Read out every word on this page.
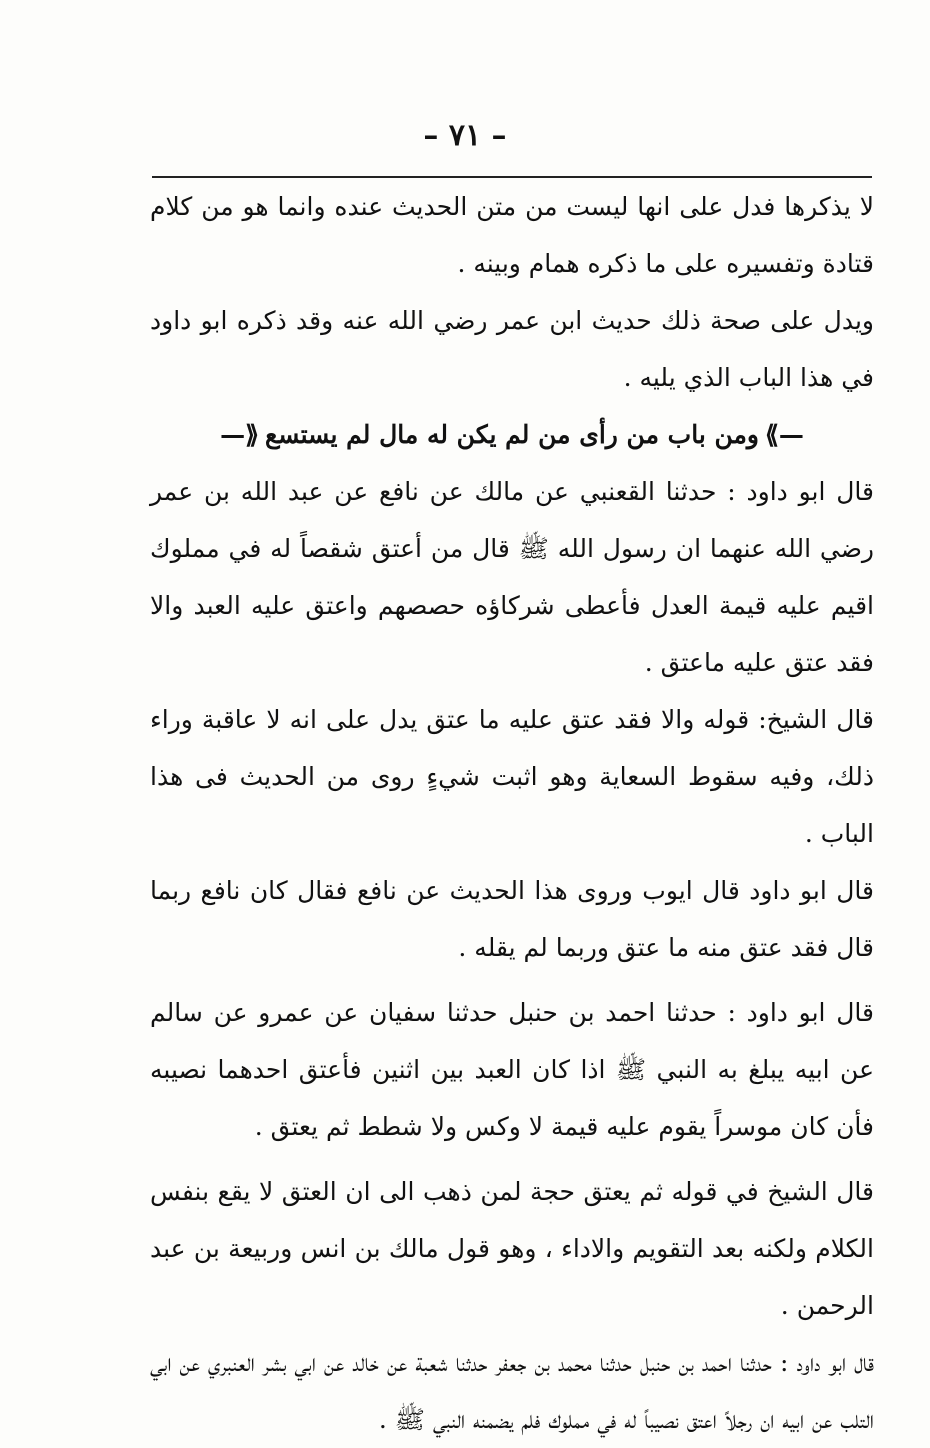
– ٧١ –

لا يذكرها فدل على انها ليست من متن الحديث عنده وانما هو من كلام قتادة وتفسيره على ما ذكره همام وبينه .

ويدل على صحة ذلك حديث ابن عمر رضي الله عنه وقد ذكره ابو داود في هذا الباب الذي يليه .

—⟫ومن باب من رأى من لم يكن له مال لم يستسع⟪—

قال ابو داود : حدثنا القعنبي عن مالك عن نافع عن عبد الله بن عمر رضي الله عنهما ان رسول الله ﷺ قال من أعتق شقصاً له في مملوك اقيم عليه قيمة العدل فأعطى شركاؤه حصصهم واعتق عليه العبد والا فقد عتق عليه ماعتق .

قال الشيخ: قوله والا فقد عتق عليه ما عتق يدل على انه لا عاقبة وراء ذلك، وفيه سقوط السعاية وهو اثبت شيءٍ روى من الحديث فى هذا الباب .

قال ابو داود قال ايوب وروى هذا الحديث عن نافع فقال كان نافع ربما قال فقد عتق منه ما عتق وربما لم يقله .

قال ابو داود : حدثنا احمد بن حنبل حدثنا سفيان عن عمرو عن سالم عن ابيه يبلغ به النبي ﷺ اذا كان العبد بين اثنين فأعتق احدهما نصيبه فأن كان موسراً يقوم عليه قيمة لا وكس ولا شطط ثم يعتق .

قال الشيخ في قوله ثم يعتق حجة لمن ذهب الى ان العتق لا يقع بنفس الكلام ولكنه بعد التقويم والاداء ، وهو قول مالك بن انس وربيعة بن عبد الرحمن .

قال ابو داود : حدثنا احمد بن حنبل حدثنا محمد بن جعفر حدثنا شعبة عن خالد عن ابي بشر العنبري عن ابي التلب عن ابيه ان رجلاً اعتق نصيباً له في مملوك فلم يضمنه النبي ﷺ .
